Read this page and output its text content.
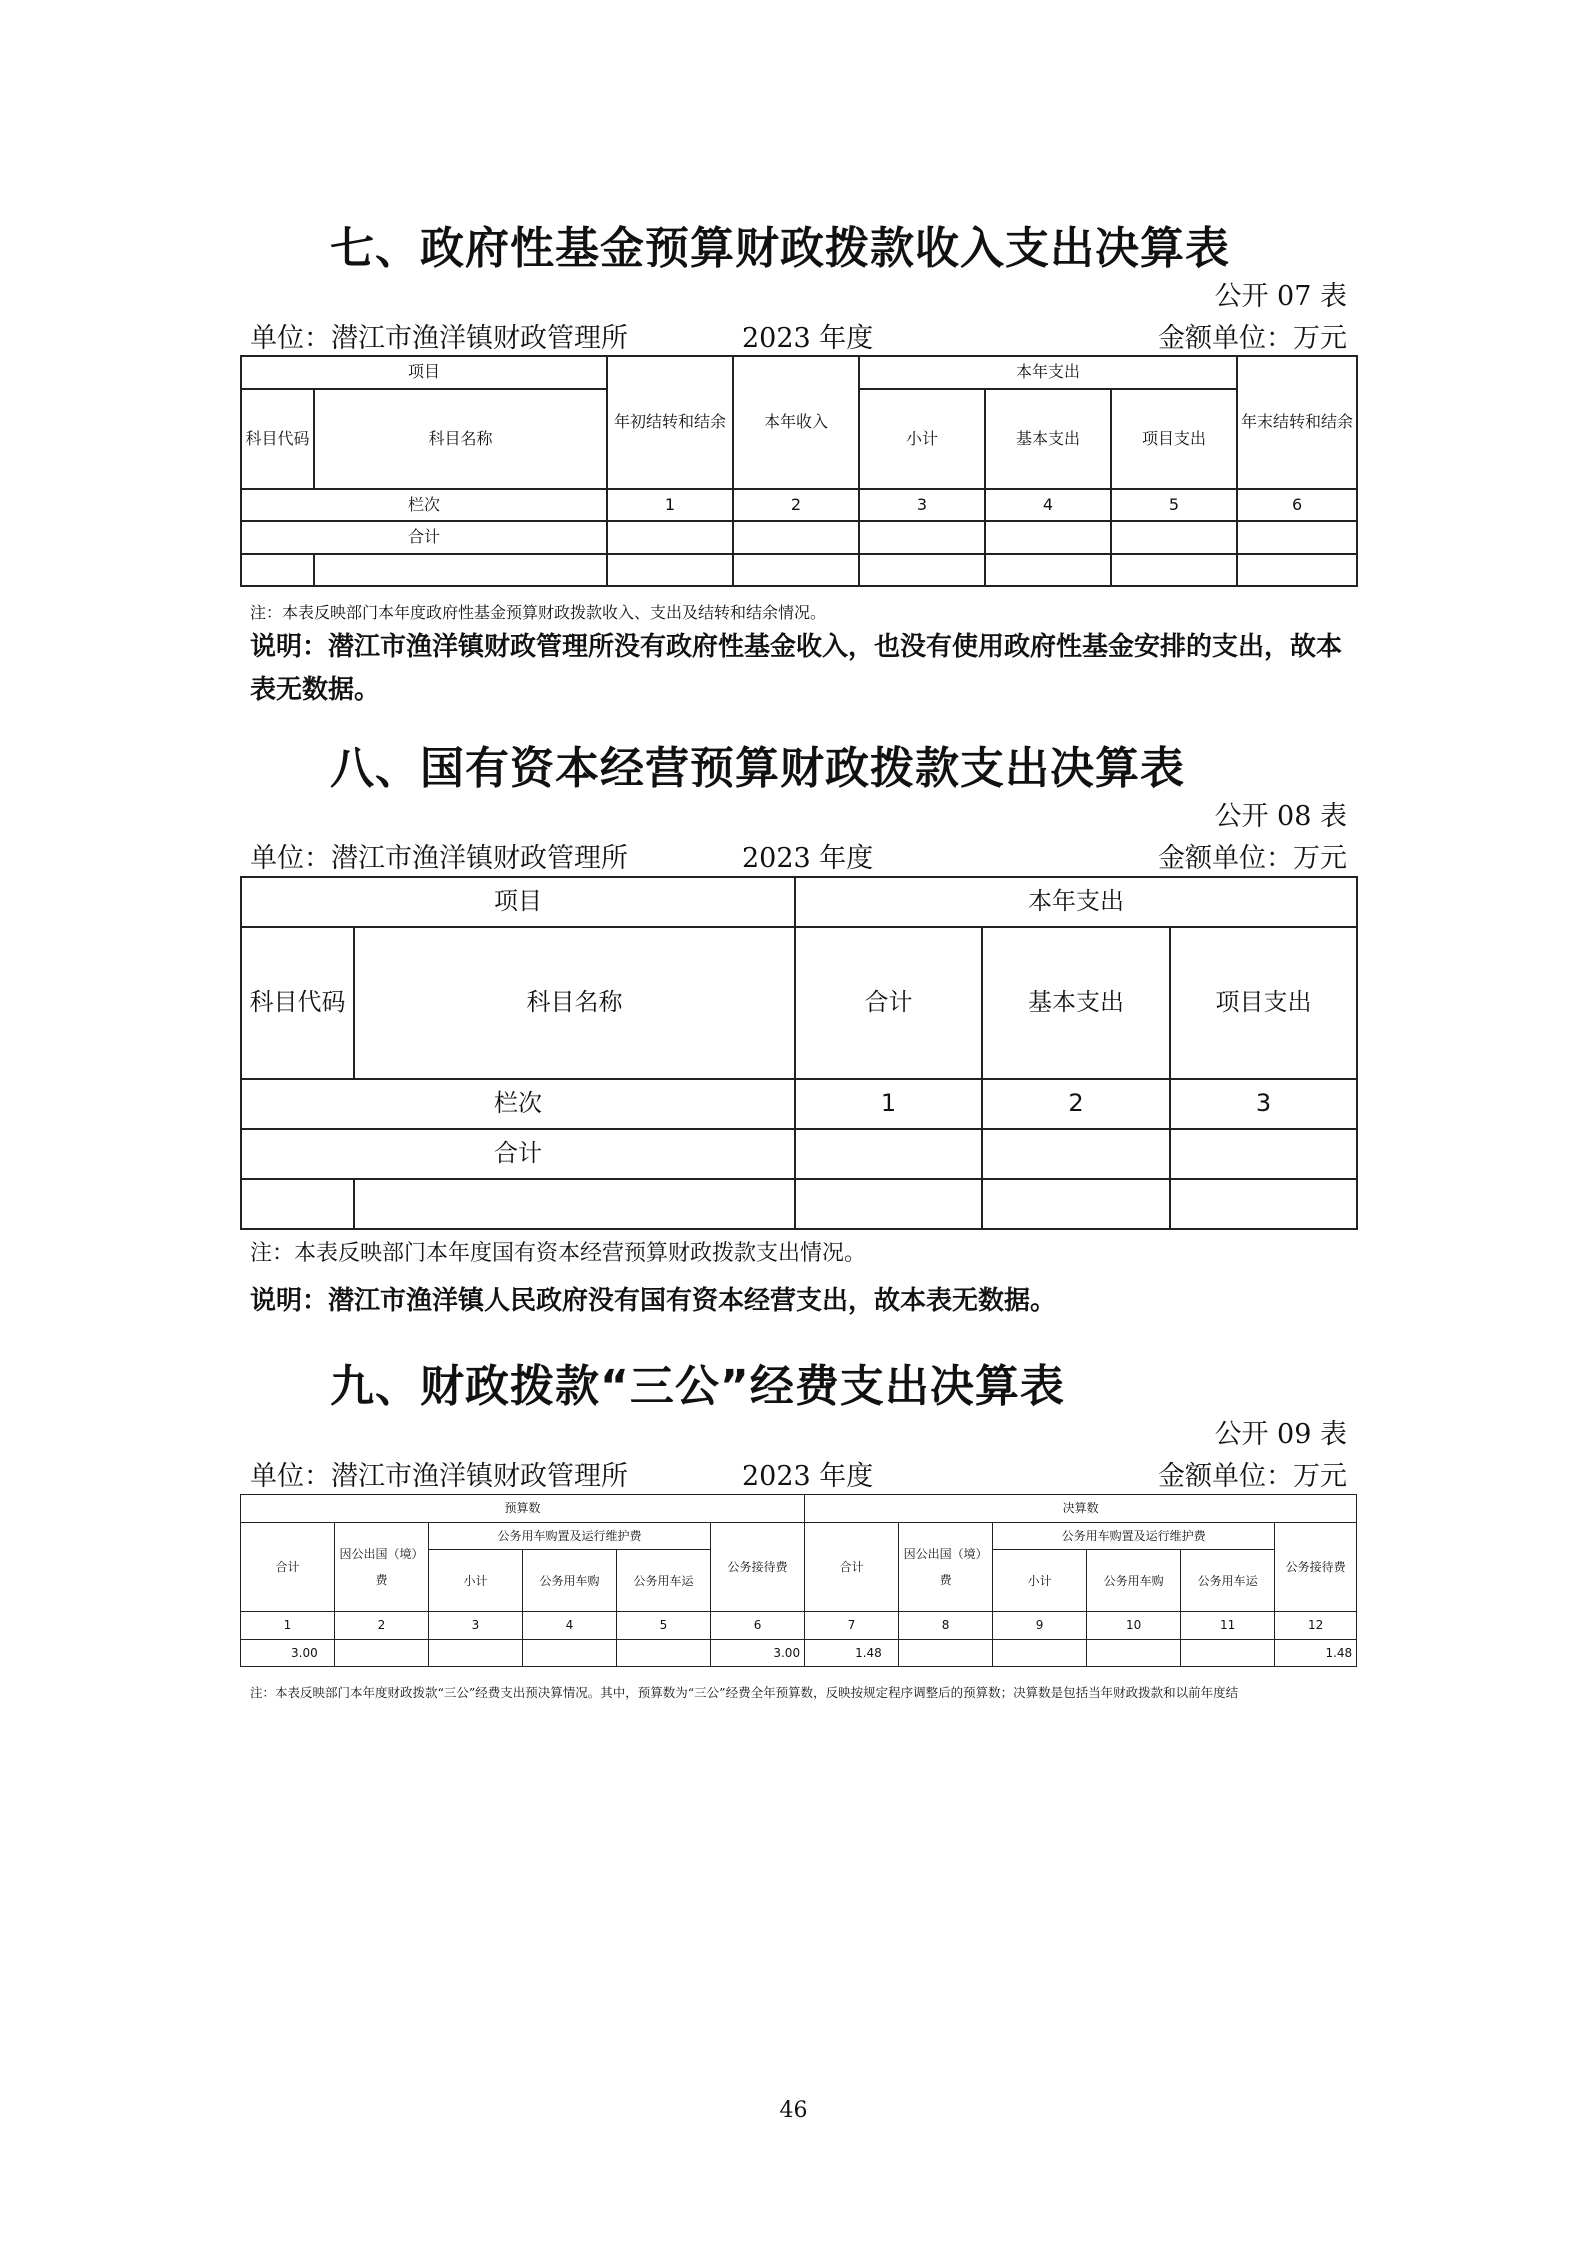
七、政府性基金预算财政拨款收入支出决算表
公开 07 表
单位：潜江市渔洋镇财政管理所	2023 年度	金额单位：万元
项目		年初结转和结余	本年收入	本年支出			年末结转和结余
科目代码	科目名称			小计	基本支出	项目支出	
栏次		1	2	3	4	5	6
合计							

注：本表反映部门本年度政府性基金预算财政拨款收入、支出及结转和结余情况。
说明：潜江市渔洋镇财政管理所没有政府性基金收入，也没有使用政府性基金安排的支出，故本表无数据。
八、国有资本经营预算财政拨款支出决算表
公开 08 表
单位：潜江市渔洋镇财政管理所	2023 年度	金额单位：万元
项目		本年支出		
科目代码	科目名称	合计	基本支出	项目支出
栏次		1	2	3
合计				

注：本表反映部门本年度国有资本经营预算财政拨款支出情况。
说明：潜江市渔洋镇人民政府没有国有资本经营支出，故本表无数据。
九、财政拨款“三公”经费支出决算表
公开 09 表
单位：潜江市渔洋镇财政管理所	2023 年度	金额单位：万元
预算数						决算数					
合计	因公出国（境）费	公务用车购置及运行维护费			公务接待费	合计	因公出国（境）费	公务用车购置及运行维护费			公务接待费
		小计	公务用车购	公务用车运				小计	公务用车购	公务用车运	
1	2	3	4	5	6	7	8	9	10	11	12
3.00					3.00	1.48					1.48
注：本表反映部门本年度财政拨款“三公”经费支出预决算情况。其中，预算数为“三公”经费全年预算数，反映按规定程序调整后的预算数；决算数是包括当年财政拨款和以前年度结
46
